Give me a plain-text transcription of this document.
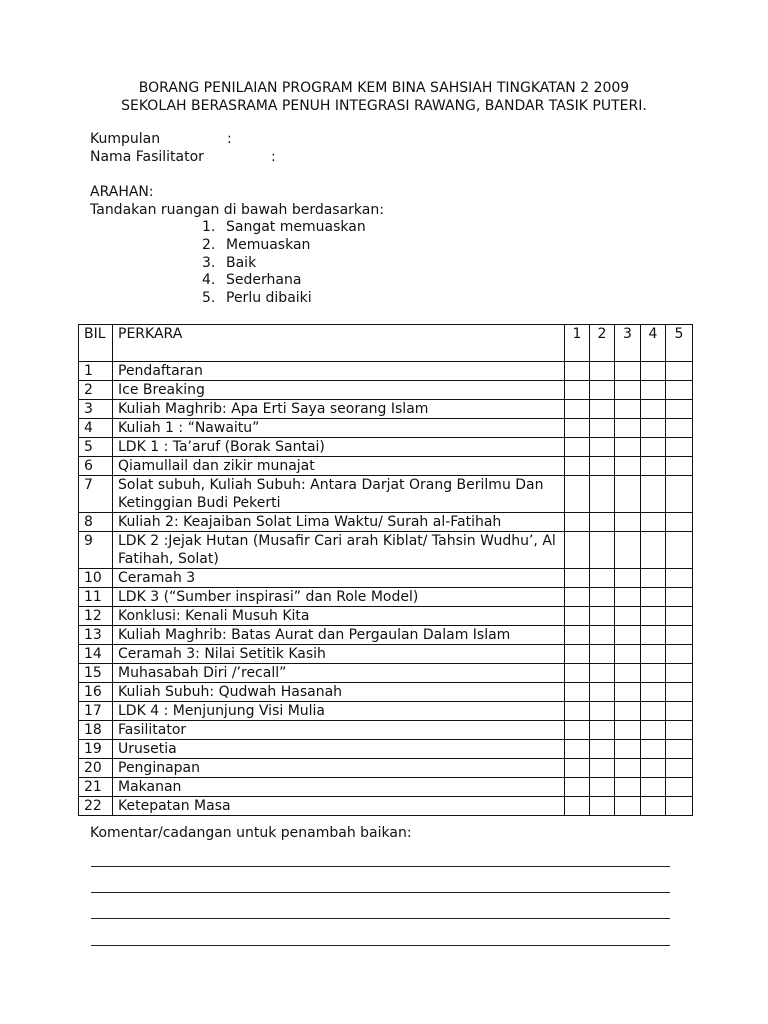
BORANG PENILAIAN PROGRAM KEM BINA SAHSIAH TINGKATAN 2 2009
SEKOLAH BERASRAMA PENUH INTEGRASI RAWANG, BANDAR TASIK PUTERI.
Kumpulan	:
Nama Fasilitator	:
ARAHAN:
Tandakan ruangan di bawah berdasarkan:
1. Sangat memuaskan
2. Memuaskan
3. Baik
4. Sederhana
5. Perlu dibaiki
BIL	PERKARA	1	2	3	4	5
1	Pendaftaran					
2	Ice Breaking					
3	Kuliah Maghrib: Apa Erti Saya seorang Islam					
4	Kuliah 1 : “Nawaitu”					
5	LDK 1 : Ta’aruf (Borak Santai)					
6	Qiamullail dan zikir munajat					
7	Solat subuh, Kuliah Subuh: Antara Darjat Orang Berilmu Dan Ketinggian Budi Pekerti					
8	Kuliah 2: Keajaiban Solat Lima Waktu/ Surah al-Fatihah					
9	LDK 2 :Jejak Hutan (Musafir Cari arah Kiblat/ Tahsin Wudhu’, Al Fatihah, Solat)					
10	Ceramah 3					
11	LDK 3 (“Sumber inspirasi” dan Role Model)					
12	Konklusi: Kenali Musuh Kita					
13	Kuliah Maghrib: Batas Aurat dan Pergaulan Dalam Islam					
14	Ceramah 3: Nilai Setitik Kasih					
15	Muhasabah Diri /’recall”					
16	Kuliah Subuh: Qudwah Hasanah					
17	LDK 4 : Menjunjung Visi Mulia					
18	Fasilitator					
19	Urusetia					
20	Penginapan					
21	Makanan					
22	Ketepatan Masa					
Komentar/cadangan untuk penambah baikan:
